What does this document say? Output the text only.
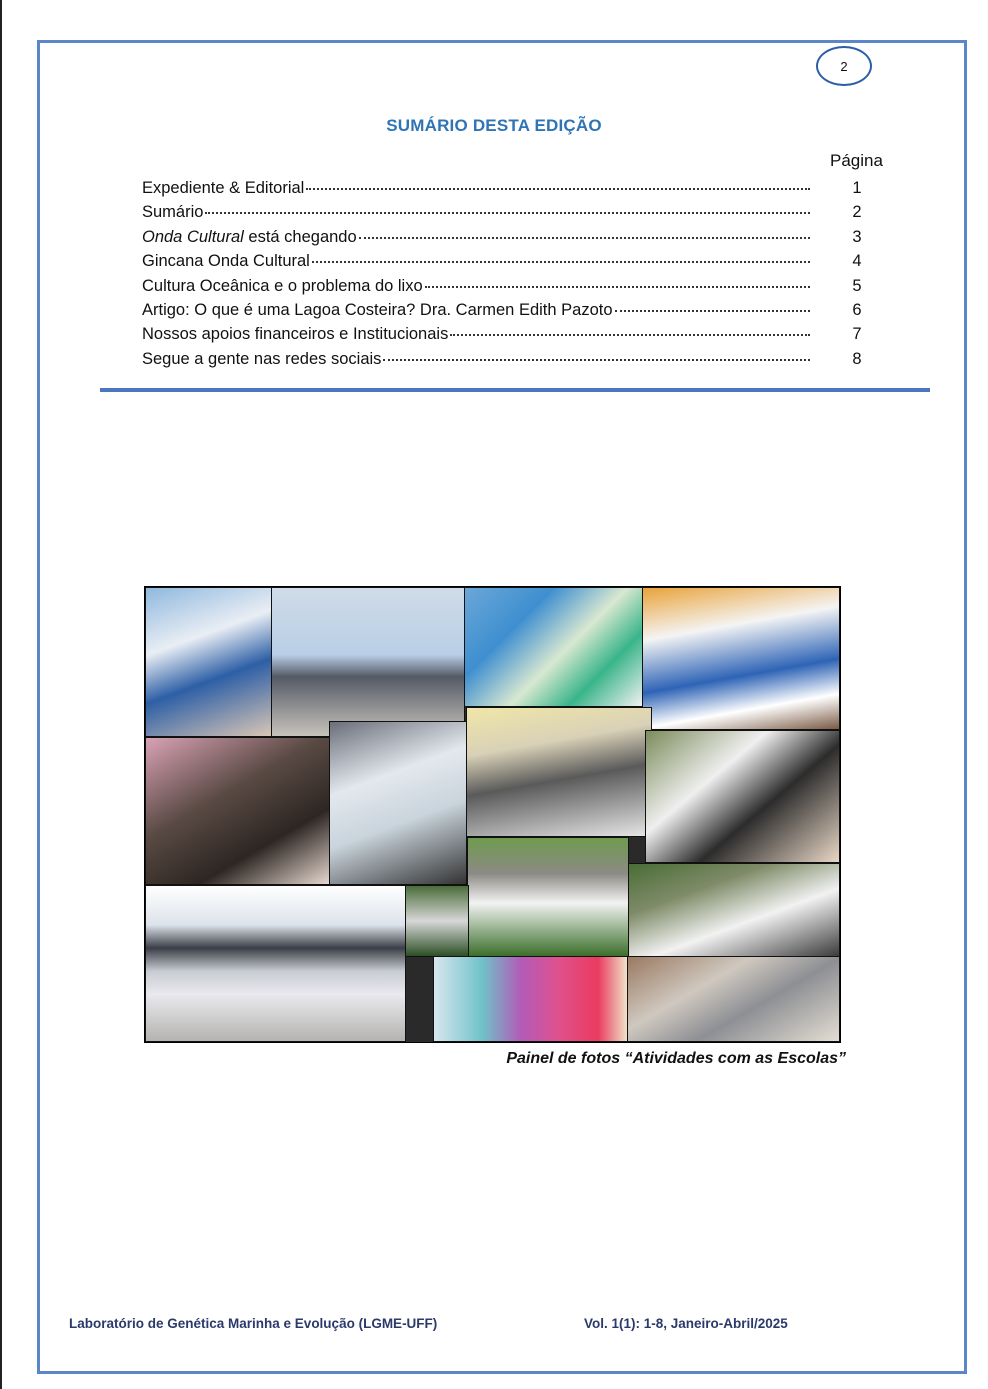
2
SUMÁRIO DESTA EDIÇÃO
Página
Expediente & Editorial	1
Sumário	2
Onda Cultural está chegando	3
Gincana Onda Cultural	4
Cultura Oceânica e o problema do lixo	5
Artigo: O que é uma Lagoa Costeira? Dra. Carmen Edith Pazoto	6
Nossos apoios financeiros e Institucionais	7
Segue a gente nas redes sociais	8
Painel de fotos “Atividades com as Escolas”
Laboratório de Genética Marinha e Evolução (LGME-UFF)	Vol. 1(1): 1-8, Janeiro-Abril/2025
